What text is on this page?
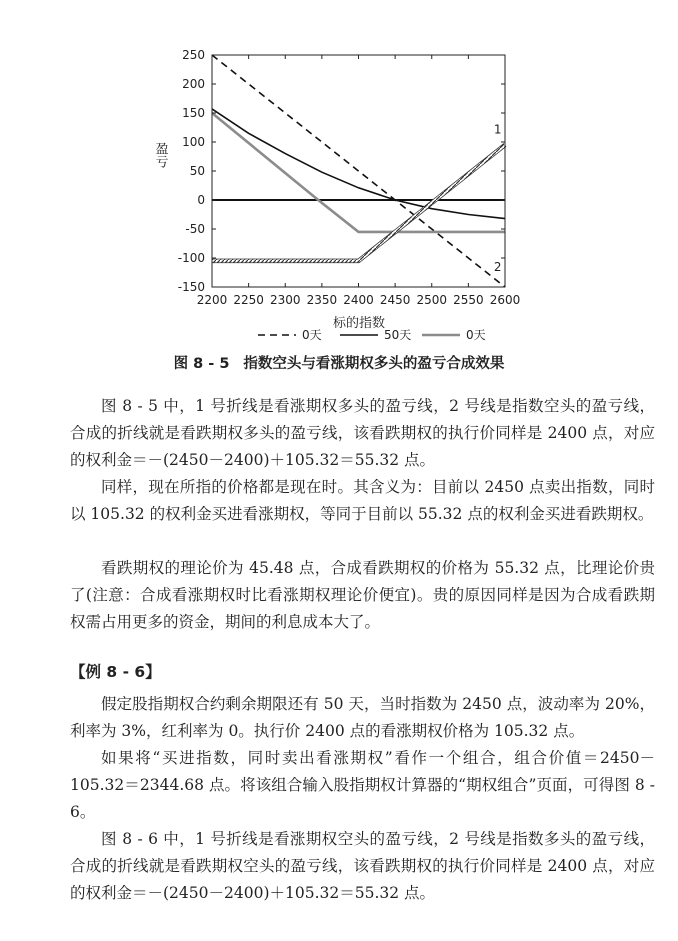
250
200
150
100
50
0
-50
-100
-150
2200 2250 2300 2350 2400 2450 2500 2550 2600
1
2
0天	50天	0天
盈亏
标的指数
图 8 - 5 指数空头与看涨期权多头的盈亏合成效果

图 8 - 5 中，1 号折线是看涨期权多头的盈亏线，2 号线是指数空头的盈亏线，合成的折线就是看跌期权多头的盈亏线，该看跌期权的执行价同样是 2400 点，对应的权利金＝－(2450－2400)＋105.32＝55.32 点。

同样，现在所指的价格都是现在时。其含义为：目前以 2450 点卖出指数，同时以 105.32 的权利金买进看涨期权，等同于目前以 55.32 点的权利金买进看跌期权。

看跌期权的理论价为 45.48 点，合成看跌期权的价格为 55.32 点，比理论价贵了(注意：合成看涨期权时比看涨期权理论价便宜)。贵的原因同样是因为合成看跌期权需占用更多的资金，期间的利息成本大了。

【例 8 - 6】

假定股指期权合约剩余期限还有 50 天，当时指数为 2450 点，波动率为 20%，利率为 3%，红利率为 0。执行价 2400 点的看涨期权价格为 105.32 点。

如果将“买进指数，同时卖出看涨期权”看作一个组合，组合价值＝2450－105.32＝2344.68 点。将该组合输入股指期权计算器的“期权组合”页面，可得图 8 - 6。

图 8 - 6 中，1 号折线是看涨期权空头的盈亏线，2 号线是指数多头的盈亏线，合成的折线就是看跌期权空头的盈亏线，该看跌期权的执行价同样是 2400 点，对应的权利金＝－(2450－2400)＋105.32＝55.32 点。
